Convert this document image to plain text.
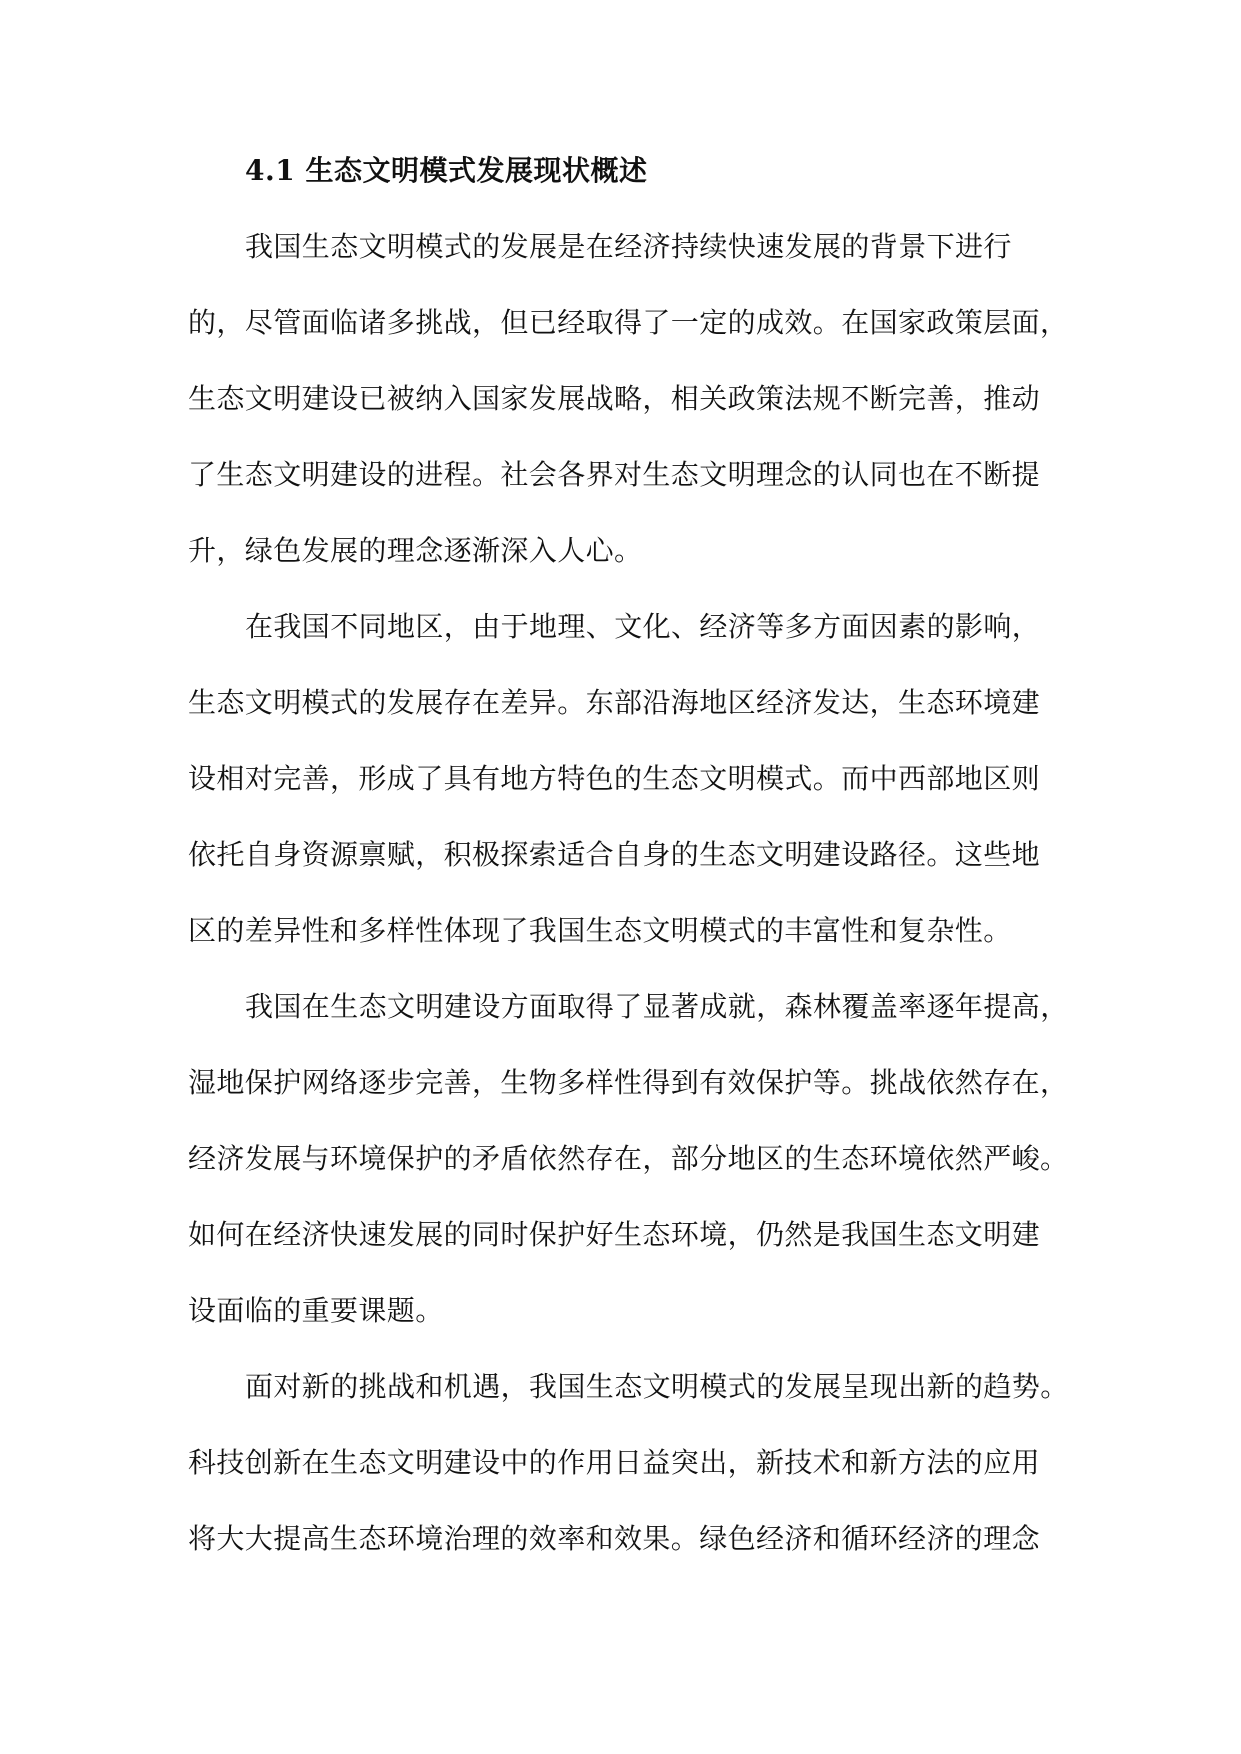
4.1 生态文明模式发展现状概述
我国生态文明模式的发展是在经济持续快速发展的背景下进行
的，尽管面临诸多挑战，但已经取得了一定的成效。在国家政策层面，
生态文明建设已被纳入国家发展战略，相关政策法规不断完善，推动
了生态文明建设的进程。社会各界对生态文明理念的认同也在不断提
升，绿色发展的理念逐渐深入人心。
在我国不同地区，由于地理、文化、经济等多方面因素的影响，
生态文明模式的发展存在差异。东部沿海地区经济发达，生态环境建
设相对完善，形成了具有地方特色的生态文明模式。而中西部地区则
依托自身资源禀赋，积极探索适合自身的生态文明建设路径。这些地
区的差异性和多样性体现了我国生态文明模式的丰富性和复杂性。
我国在生态文明建设方面取得了显著成就，森林覆盖率逐年提高，
湿地保护网络逐步完善，生物多样性得到有效保护等。挑战依然存在，
经济发展与环境保护的矛盾依然存在，部分地区的生态环境依然严峻。
如何在经济快速发展的同时保护好生态环境，仍然是我国生态文明建
设面临的重要课题。
面对新的挑战和机遇，我国生态文明模式的发展呈现出新的趋势。
科技创新在生态文明建设中的作用日益突出，新技术和新方法的应用
将大大提高生态环境治理的效率和效果。绿色经济和循环经济的理念
